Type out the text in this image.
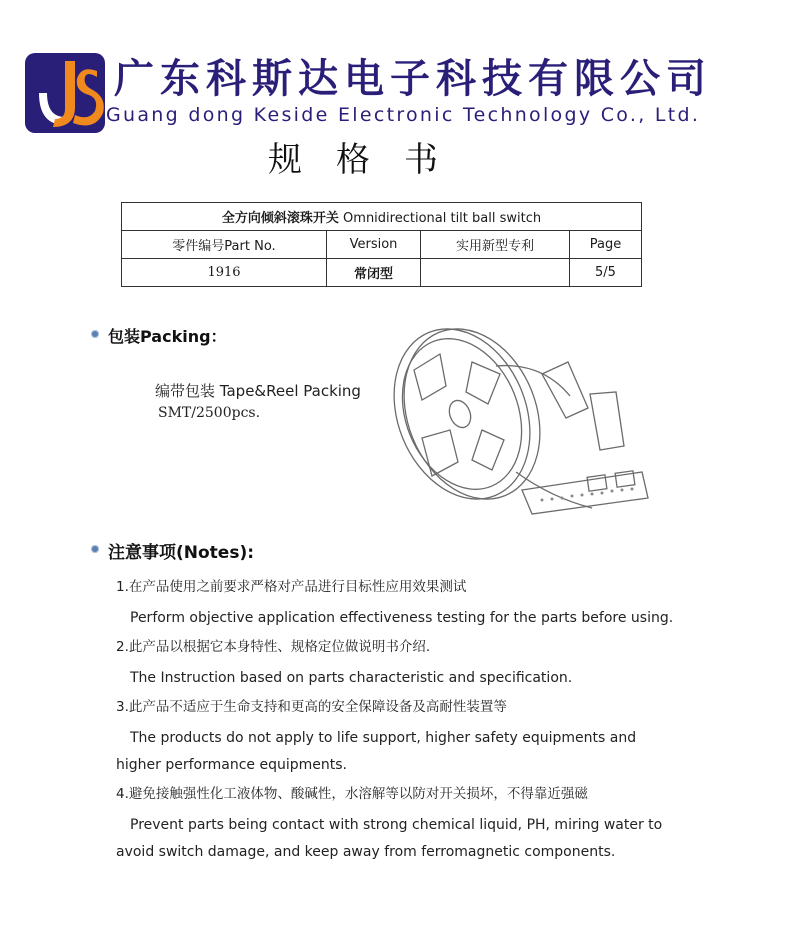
广东科斯达电子科技有限公司
Guang dong Keside Electronic Technology Co., Ltd.
规格书
全方向倾斜滚珠开关 Omnidirectional tilt ball switch			
零件编号Part No.	Version	实用新型专利	Page
1916	常闭型		5/5
包装Packing：
编带包装 Tape&Reel Packing
SMT/2500pcs.
注意事项(Notes):

1.在产品使用之前要求严格对产品进行目标性应用效果测试

Perform objective application effectiveness testing for the parts before using.

2.此产品以根据它本身特性、规格定位做说明书介绍.

The Instruction based on parts characteristic and specification.

3.此产品不适应于生命支持和更高的安全保障设备及高耐性装置等

The products do not apply to life support, higher safety equipments and higher performance equipments.

4.避免接触强性化工液体物、酸碱性，水溶解等以防对开关损坏，不得靠近强磁

Prevent parts being contact with strong chemical liquid, PH, miring water to avoid switch damage, and keep away from ferromagnetic components.
